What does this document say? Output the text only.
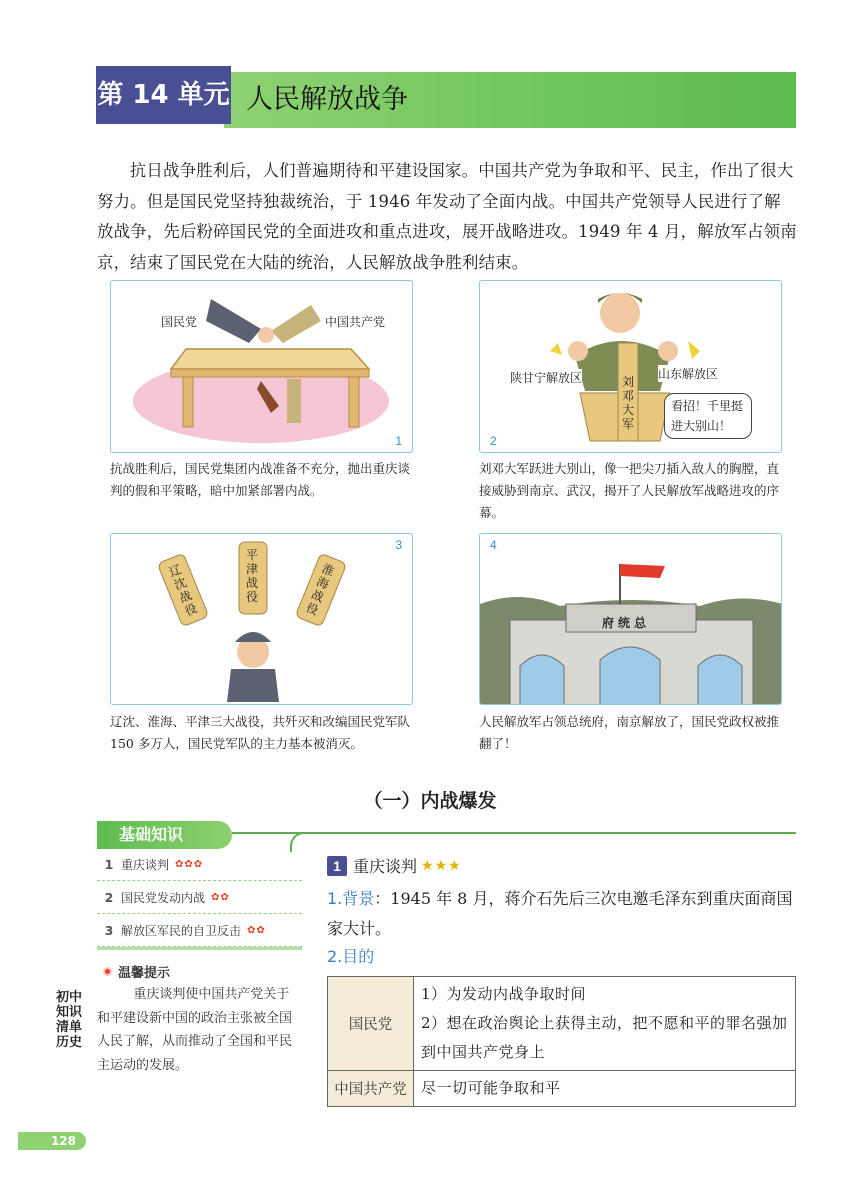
第 14 单元 人民解放战争

抗日战争胜利后，人们普遍期待和平建设国家。中国共产党为争取和平、民主，作出了很大努力。但是国民党坚持独裁统治，于 1946 年发动了全面内战。中国共产党领导人民进行了解放战争，先后粉碎国民党的全面进攻和重点进攻，展开战略进攻。1949 年 4 月，解放军占领南京，结束了国民党在大陆的统治，人民解放战争胜利结束。

国民党	中国共产党
1
抗战胜利后，国民党集团内战准备不充分，抛出重庆谈判的假和平策略，暗中加紧部署内战。
陕甘宁解放区	山东解放区
刘邓大军
看招！千里挺进大别山！
2
刘邓大军跃进大别山，像一把尖刀插入敌人的胸膛，直接威胁到南京、武汉，揭开了人民解放军战略进攻的序幕。
辽沈战役
平津战役
淮海战役
3
辽沈、淮海、平津三大战役，共歼灭和改编国民党军队 150 多万人，国民党军队的主力基本被消灭。
府统总
4
人民解放军占领总统府，南京解放了，国民党政权被推翻了！
（一）内战爆发
基础知识
1 重庆谈判 ✿✿✿
2 国民党发动内战 ✿✿
3 解放区军民的自卫反击 ✿✿
温馨提示

重庆谈判使中国共产党关于和平建设新中国的政治主张被全国人民了解，从而推动了全国和平民主运动的发展。

初中知识清单 历史
128
1 重庆谈判 ★★★

1.背景：1945 年 8 月，蒋介石先后三次电邀毛泽东到重庆面商国家大计。

2.目的

国民党	1）为发动内战争取时间
2）想在政治舆论上获得主动，把不愿和平的罪名强加到中国共产党身上

中国共产党	尽一切可能争取和平
